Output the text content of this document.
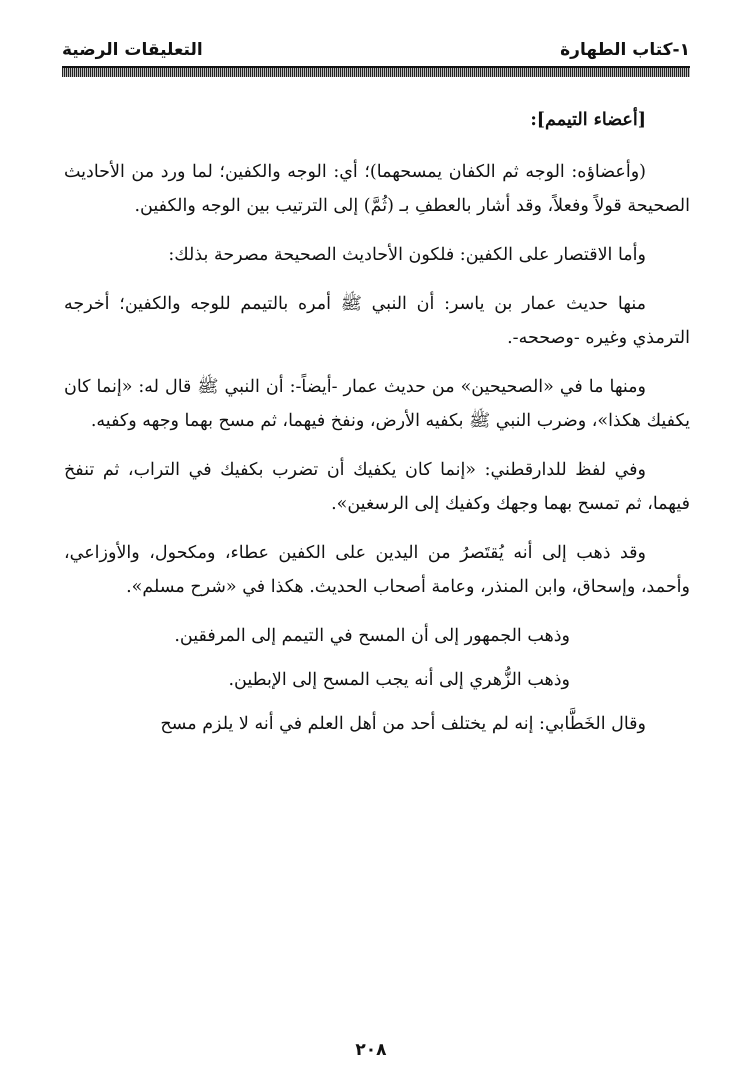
١-كتاب الطهارة
التعليقات الرضية

[أعضاء التيمم]:

(وأعضاؤه: الوجه ثم الكفان يمسحهما)؛ أي: الوجه والكفين؛ لما ورد من الأحاديث الصحيحة قولاً وفعلاً، وقد أشار بالعطفِ بـ (ثُمَّ) إلى الترتيب بين الوجه والكفين.

وأما الاقتصار على الكفين: فلكون الأحاديث الصحيحة مصرحة بذلك:

منها حديث عمار بن ياسر: أن النبي ﷺ أمره بالتيمم للوجه والكفين؛ أخرجه الترمذي وغيره -وصححه-.

ومنها ما في «الصحيحين» من حديث عمار -أيضاً-: أن النبي ﷺ قال له: «إنما كان يكفيك هكذا»، وضرب النبي ﷺ بكفيه الأرض، ونفخ فيهما، ثم مسح بهما وجهه وكفيه.

وفي لفظ للدارقطني: «إنما كان يكفيك أن تضرب بكفيك في التراب، ثم تنفخ فيهما، ثم تمسح بهما وجهك وكفيك إلى الرسغين».

وقد ذهب إلى أنه يُقتَصرُ من اليدين على الكفين عطاء، ومكحول، والأوزاعي، وأحمد، وإسحاق، وابن المنذر، وعامة أصحاب الحديث. هكذا في «شرح مسلم».

وذهب الجمهور إلى أن المسح في التيمم إلى المرفقين.

وذهب الزُّهري إلى أنه يجب المسح إلى الإبطين.

وقال الخَطَّابي: إنه لم يختلف أحد من أهل العلم في أنه لا يلزم مسح

٢٠٨
